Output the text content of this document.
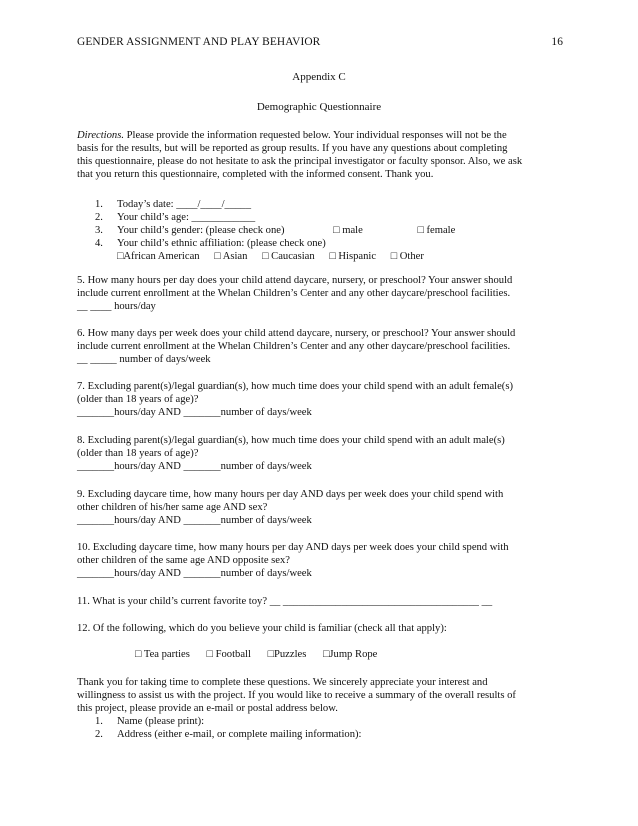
GENDER ASSIGNMENT AND PLAY BEHAVIOR	16
Appendix C
Demographic Questionnaire
Directions. Please provide the information requested below. Your individual responses will not be the
basis for the results, but will be reported as group results. If you have any questions about completing
this questionnaire, please do not hesitate to ask the principal investigator or faculty sponsor. Also, we ask
that you return this questionnaire, completed with the informed consent. Thank you.
1. Today’s date: ____/____/_____
2. Your child’s age: ____________
3. Your child’s gender: (please check one)	□ male	□ female
4. Your child’s ethnic affiliation: (please check one)
□African American □ Asian □ Caucasian □ Hispanic □ Other
5. How many hours per day does your child attend daycare, nursery, or preschool? Your answer should
include current enrollment at the Whelan Children’s Center and any other daycare/preschool facilities.
__ ____ hours/day
6. How many days per week does your child attend daycare, nursery, or preschool? Your answer should
include current enrollment at the Whelan Children’s Center and any other daycare/preschool facilities.
__ _____ number of days/week
7. Excluding parent(s)/legal guardian(s), how much time does your child spend with an adult female(s)
(older than 18 years of age)?
_______hours/day AND _______number of days/week
8. Excluding parent(s)/legal guardian(s), how much time does your child spend with an adult male(s)
(older than 18 years of age)?
_______hours/day AND _______number of days/week
9. Excluding daycare time, how many hours per day AND days per week does your child spend with
other children of his/her same age AND sex?
_______hours/day AND _______number of days/week
10. Excluding daycare time, how many hours per day AND days per week does your child spend with
other children of the same age AND opposite sex?
_______hours/day AND _______number of days/week
11. What is your child’s current favorite toy? __ _____________________________________ __
12. Of the following, which do you believe your child is familiar (check all that apply):
□ Tea parties □ Football □Puzzles □Jump Rope
Thank you for taking time to complete these questions. We sincerely appreciate your interest and
willingness to assist us with the project. If you would like to receive a summary of the overall results of
this project, please provide an e-mail or postal address below.
1. Name (please print):
2. Address (either e-mail, or complete mailing information):
